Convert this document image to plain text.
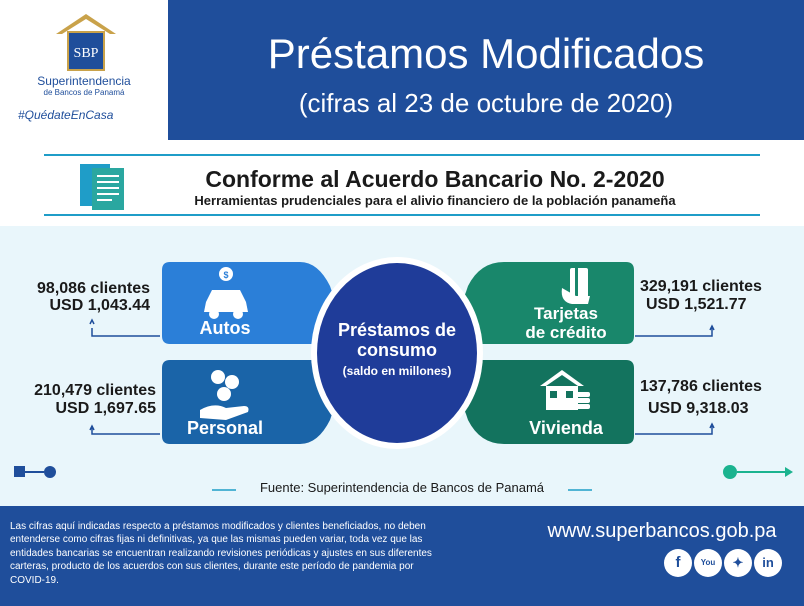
SBP
Superintendencia
de Bancos de Panamá
#QuédateEnCasa
Préstamos Modificados
(cifras al 23 de octubre de 2020)
Conforme al Acuerdo Bancario No. 2-2020
Herramientas prudenciales para el alivio financiero de la población panameña
$
Autos
Personal
Tarjetas
de crédito
Vivienda
Préstamos de consumo
(saldo en millones)
98,086 clientes
USD 1,043.44
210,479 clientes
USD 1,697.65
329,191 clientes
USD 1,521.77
137,786 clientes
USD 9,318.03
Fuente: Superintendencia de Bancos de Panamá
Las cifras aquí indicadas respecto a préstamos modificados y clientes beneficiados, no deben entenderse como cifras fijas ni definitivas, ya que las mismas pueden variar, toda vez que las entidades bancarias se encuentran realizando revisiones periódicas y ajustes en sus diferentes carteras, producto de los acuerdos con sus clientes, durante este período de pandemia por COVID-19.
www.superbancos.gob.pa
f	You	✦	in
